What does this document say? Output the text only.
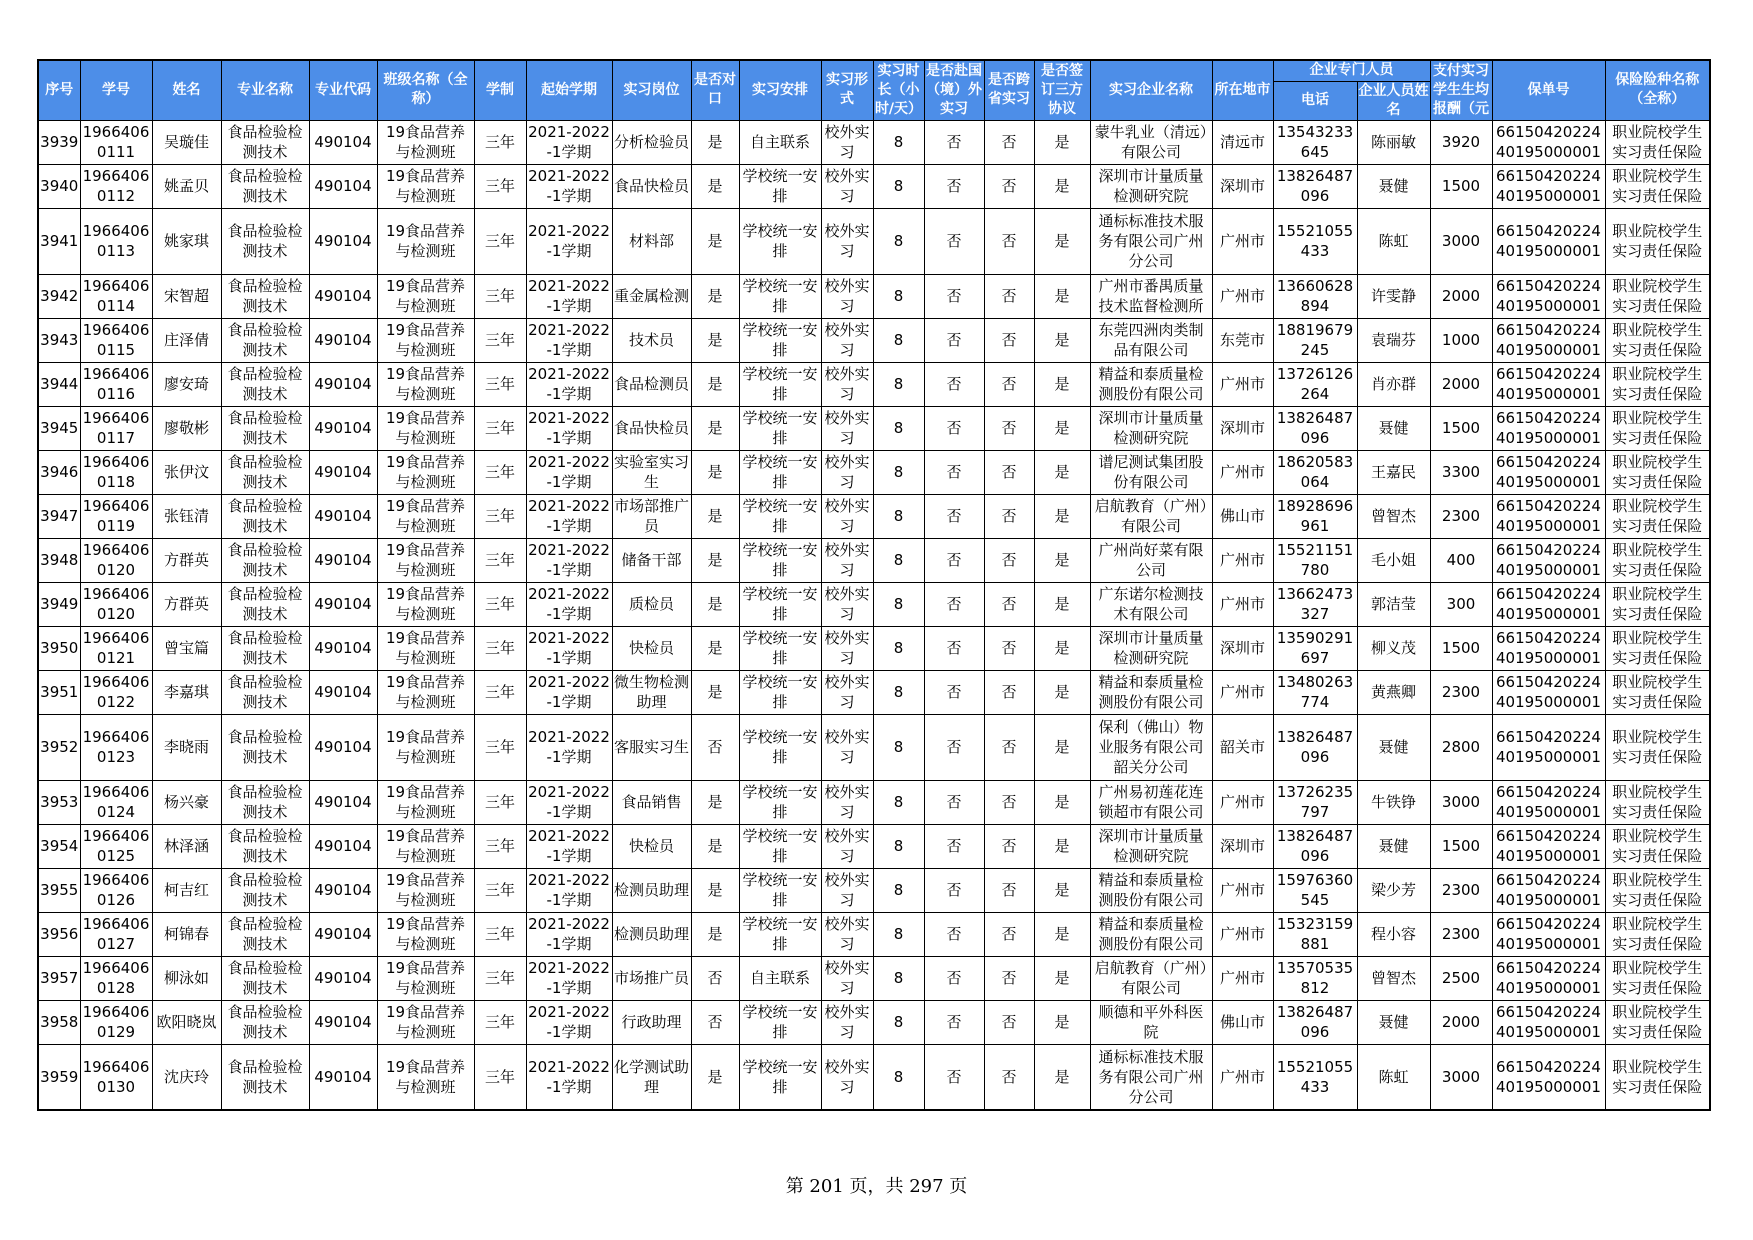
序号	学号	姓名	专业名称	专业代码	班级名称（全称）	学制	起始学期	实习岗位	是否对口	实习安排	实习形式	实习时长（小时/天）	是否赴国（境）外实习	是否跨省实习	是否签订三方协议	实习企业名称	所在地市	企业专门人员		支付实习学生生均报酬（元	保单号	保险险种名称（全称）
																		电话	企业人员姓名			

3939	19664060111	吴璇佳	食品检验检测技术	490104	19食品营养与检测班	三年	2021-2022-1学期	分析检验员	是	自主联系	校外实习	8	否	否	是	蒙牛乳业（清远）有限公司	清远市	13543233645	陈丽敏	3920	6615042022440195000001	职业院校学生实习责任保险

3940	19664060112	姚孟贝	食品检验检测技术	490104	19食品营养与检测班	三年	2021-2022-1学期	食品快检员	是	学校统一安排	校外实习	8	否	否	是	深圳市计量质量检测研究院	深圳市	13826487096	聂健	1500	6615042022440195000001	职业院校学生实习责任保险

3941	19664060113	姚家琪	食品检验检测技术	490104	19食品营养与检测班	三年	2021-2022-1学期	材料部	是	学校统一安排	校外实习	8	否	否	是	通标标准技术服务有限公司广州分公司	广州市	15521055433	陈虹	3000	6615042022440195000001	职业院校学生实习责任保险

3942	19664060114	宋智超	食品检验检测技术	490104	19食品营养与检测班	三年	2021-2022-1学期	重金属检测	是	学校统一安排	校外实习	8	否	否	是	广州市番禺质量技术监督检测所	广州市	13660628894	许雯静	2000	6615042022440195000001	职业院校学生实习责任保险

3943	19664060115	庄泽倩	食品检验检测技术	490104	19食品营养与检测班	三年	2021-2022-1学期	技术员	是	学校统一安排	校外实习	8	否	否	是	东莞四洲肉类制品有限公司	东莞市	18819679245	袁瑞芬	1000	6615042022440195000001	职业院校学生实习责任保险

3944	19664060116	廖安琦	食品检验检测技术	490104	19食品营养与检测班	三年	2021-2022-1学期	食品检测员	是	学校统一安排	校外实习	8	否	否	是	精益和泰质量检测股份有限公司	广州市	13726126264	肖亦群	2000	6615042022440195000001	职业院校学生实习责任保险

3945	19664060117	廖敬彬	食品检验检测技术	490104	19食品营养与检测班	三年	2021-2022-1学期	食品快检员	是	学校统一安排	校外实习	8	否	否	是	深圳市计量质量检测研究院	深圳市	13826487096	聂健	1500	6615042022440195000001	职业院校学生实习责任保险

3946	19664060118	张伊汶	食品检验检测技术	490104	19食品营养与检测班	三年	2021-2022-1学期	实验室实习生	是	学校统一安排	校外实习	8	否	否	是	谱尼测试集团股份有限公司	广州市	18620583064	王嘉民	3300	6615042022440195000001	职业院校学生实习责任保险

3947	19664060119	张钰清	食品检验检测技术	490104	19食品营养与检测班	三年	2021-2022-1学期	市场部推广员	是	学校统一安排	校外实习	8	否	否	是	启航教育（广州）有限公司	佛山市	18928696961	曾智杰	2300	6615042022440195000001	职业院校学生实习责任保险

3948	19664060120	方群英	食品检验检测技术	490104	19食品营养与检测班	三年	2021-2022-1学期	储备干部	是	学校统一安排	校外实习	8	否	否	是	广州尚好菜有限公司	广州市	15521151780	毛小姐	400	6615042022440195000001	职业院校学生实习责任保险

3949	19664060120	方群英	食品检验检测技术	490104	19食品营养与检测班	三年	2021-2022-1学期	质检员	是	学校统一安排	校外实习	8	否	否	是	广东诺尔检测技术有限公司	广州市	13662473327	郭洁莹	300	6615042022440195000001	职业院校学生实习责任保险

3950	19664060121	曾宝篇	食品检验检测技术	490104	19食品营养与检测班	三年	2021-2022-1学期	快检员	是	学校统一安排	校外实习	8	否	否	是	深圳市计量质量检测研究院	深圳市	13590291697	柳义茂	1500	6615042022440195000001	职业院校学生实习责任保险

3951	19664060122	李嘉琪	食品检验检测技术	490104	19食品营养与检测班	三年	2021-2022-1学期	微生物检测助理	是	学校统一安排	校外实习	8	否	否	是	精益和泰质量检测股份有限公司	广州市	13480263774	黄燕卿	2300	6615042022440195000001	职业院校学生实习责任保险

3952	19664060123	李晓雨	食品检验检测技术	490104	19食品营养与检测班	三年	2021-2022-1学期	客服实习生	否	学校统一安排	校外实习	8	否	否	是	保利（佛山）物业服务有限公司韶关分公司	韶关市	13826487096	聂健	2800	6615042022440195000001	职业院校学生实习责任保险

3953	19664060124	杨兴豪	食品检验检测技术	490104	19食品营养与检测班	三年	2021-2022-1学期	食品销售	是	学校统一安排	校外实习	8	否	否	是	广州易初莲花连锁超市有限公司	广州市	13726235797	牛铁铮	3000	6615042022440195000001	职业院校学生实习责任保险

3954	19664060125	林泽涵	食品检验检测技术	490104	19食品营养与检测班	三年	2021-2022-1学期	快检员	是	学校统一安排	校外实习	8	否	否	是	深圳市计量质量检测研究院	深圳市	13826487096	聂健	1500	6615042022440195000001	职业院校学生实习责任保险

3955	19664060126	柯吉红	食品检验检测技术	490104	19食品营养与检测班	三年	2021-2022-1学期	检测员助理	是	学校统一安排	校外实习	8	否	否	是	精益和泰质量检测股份有限公司	广州市	15976360545	梁少芳	2300	6615042022440195000001	职业院校学生实习责任保险

3956	19664060127	柯锦春	食品检验检测技术	490104	19食品营养与检测班	三年	2021-2022-1学期	检测员助理	是	学校统一安排	校外实习	8	否	否	是	精益和泰质量检测股份有限公司	广州市	15323159881	程小容	2300	6615042022440195000001	职业院校学生实习责任保险

3957	19664060128	柳泳如	食品检验检测技术	490104	19食品营养与检测班	三年	2021-2022-1学期	市场推广员	否	自主联系	校外实习	8	否	否	是	启航教育（广州）有限公司	广州市	13570535812	曾智杰	2500	6615042022440195000001	职业院校学生实习责任保险

3958	19664060129	欧阳晓岚	食品检验检测技术	490104	19食品营养与检测班	三年	2021-2022-1学期	行政助理	否	学校统一安排	校外实习	8	否	否	是	顺德和平外科医院	佛山市	13826487096	聂健	2000	6615042022440195000001	职业院校学生实习责任保险

3959	19664060130	沈庆玲	食品检验检测技术	490104	19食品营养与检测班	三年	2021-2022-1学期	化学测试助理	是	学校统一安排	校外实习	8	否	否	是	通标标准技术服务有限公司广州分公司	广州市	15521055433	陈虹	3000	6615042022440195000001	职业院校学生实习责任保险
第 201 页，共 297 页
